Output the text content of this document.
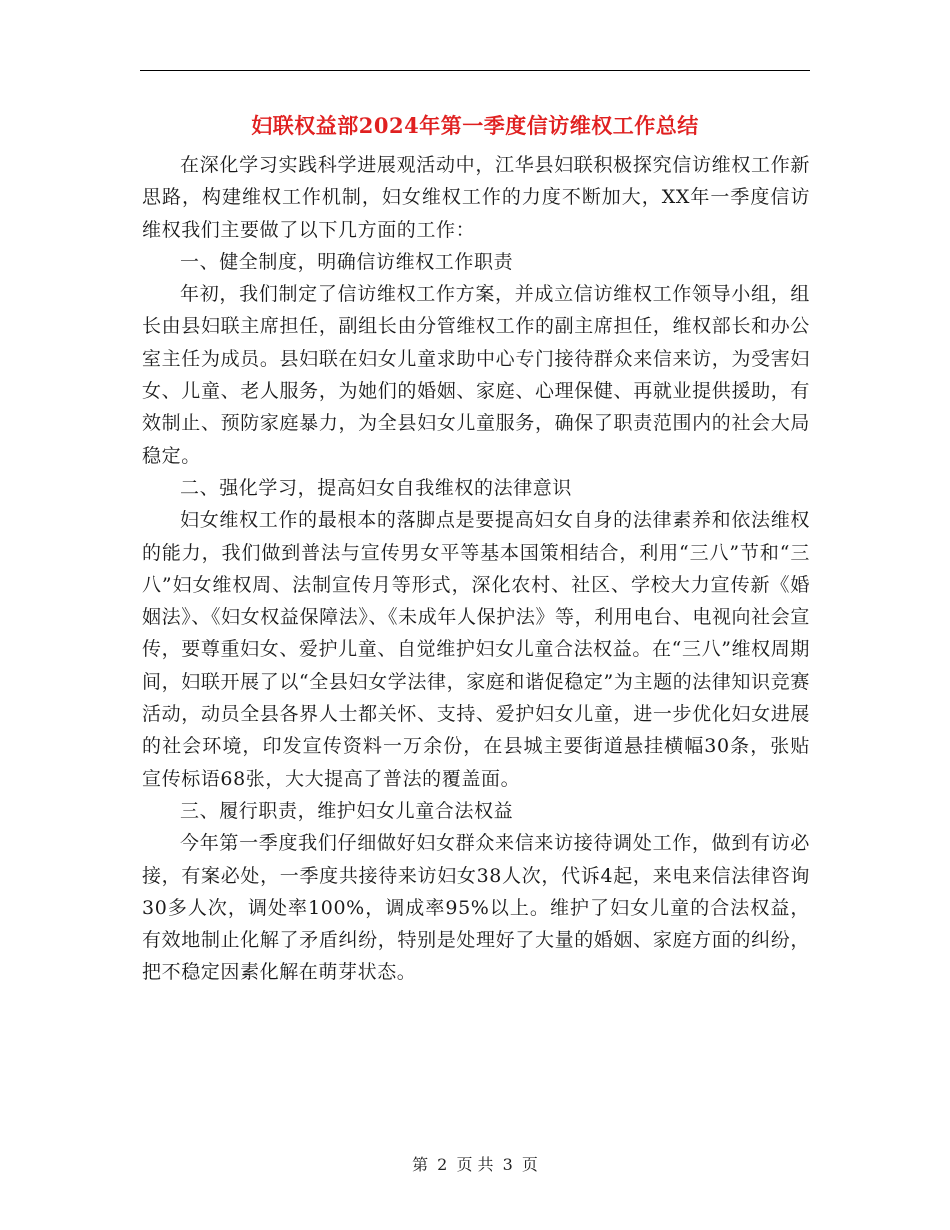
妇联权益部2024年第一季度信访维权工作总结

在深化学习实践科学进展观活动中，江华县妇联积极探究信访维权工作新思路，构建维权工作机制，妇女维权工作的力度不断加大，XX年一季度信访维权我们主要做了以下几方面的工作：

一、健全制度，明确信访维权工作职责

年初，我们制定了信访维权工作方案，并成立信访维权工作领导小组，组长由县妇联主席担任，副组长由分管维权工作的副主席担任，维权部长和办公室主任为成员。县妇联在妇女儿童求助中心专门接待群众来信来访，为受害妇女、儿童、老人服务，为她们的婚姻、家庭、心理保健、再就业提供援助，有效制止、预防家庭暴力，为全县妇女儿童服务，确保了职责范围内的社会大局稳定。

二、强化学习，提高妇女自我维权的法律意识

妇女维权工作的最根本的落脚点是要提高妇女自身的法律素养和依法维权的能力，我们做到普法与宣传男女平等基本国策相结合，利用“三八”节和“三八”妇女维权周、法制宣传月等形式，深化农村、社区、学校大力宣传新《婚姻法》、《妇女权益保障法》、《未成年人保护法》等，利用电台、电视向社会宣传，要尊重妇女、爱护儿童、自觉维护妇女儿童合法权益。在“三八”维权周期间，妇联开展了以“全县妇女学法律，家庭和谐促稳定”为主题的法律知识竞赛活动，动员全县各界人士都关怀、支持、爱护妇女儿童，进一步优化妇女进展的社会环境，印发宣传资料一万余份，在县城主要街道悬挂横幅30条，张贴宣传标语68张，大大提高了普法的覆盖面。

三、履行职责，维护妇女儿童合法权益

今年第一季度我们仔细做好妇女群众来信来访接待调处工作，做到有访必接，有案必处，一季度共接待来访妇女38人次，代诉4起，来电来信法律咨询30多人次，调处率100%，调成率95%以上。维护了妇女儿童的合法权益，有效地制止化解了矛盾纠纷，特别是处理好了大量的婚姻、家庭方面的纠纷，把不稳定因素化解在萌芽状态。

第 2 页 共 3 页
